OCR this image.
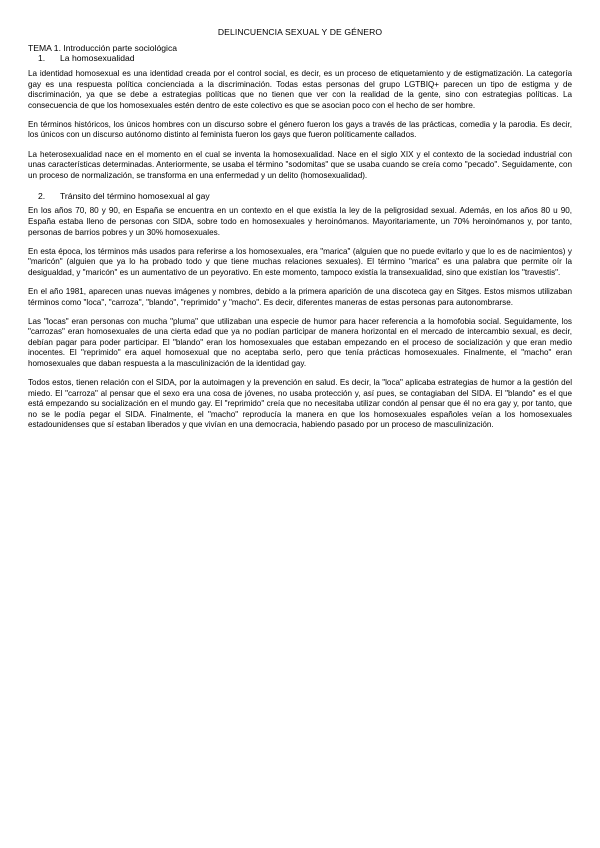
DELINCUENCIA SEXUAL Y DE GÉNERO
TEMA 1. Introducción parte sociológica
1.	La homosexualidad

La identidad homosexual es una identidad creada por el control social, es decir, es un proceso de etiquetamiento y de estigmatización. La categoría gay es una respuesta política concienciada a la discriminación. Todas estas personas del grupo LGTBIQ+ parecen un tipo de estigma y de discriminación, ya que se debe a estrategias políticas que no tienen que ver con la realidad de la gente, sino con estrategias políticas. La consecuencia de que los homosexuales estén dentro de este colectivo es que se asocian poco con el hecho de ser hombre.

En términos históricos, los únicos hombres con un discurso sobre el género fueron los gays a través de las prácticas, comedia y la parodia. Es decir, los únicos con un discurso autónomo distinto al feminista fueron los gays que fueron políticamente callados.

La heterosexualidad nace en el momento en el cual se inventa la homosexualidad. Nace en el siglo XIX y el contexto de la sociedad industrial con unas características determinadas. Anteriormente, se usaba el término "sodomitas" que se usaba cuando se creía como "pecado". Seguidamente, con un proceso de normalización, se transforma en una enfermedad y un delito (homosexualidad).

2.	Tránsito del término homosexual al gay

En los años 70, 80 y 90, en España se encuentra en un contexto en el que existía la ley de la peligrosidad sexual. Además, en los años 80 u 90, España estaba lleno de personas con SIDA, sobre todo en homosexuales y heroinómanos. Mayoritariamente, un 70% heroinómanos y, por tanto, personas de barrios pobres y un 30% homosexuales.

En esta época, los términos más usados para referirse a los homosexuales, era "marica" (alguien que no puede evitarlo y que lo es de nacimientos) y "maricón" (alguien que ya lo ha probado todo y que tiene muchas relaciones sexuales). El término "marica" es una palabra que permite oír la desigualdad, y "maricón" es un aumentativo de un peyorativo. En este momento, tampoco existía la transexualidad, sino que existían los "travestis".

En el año 1981, aparecen unas nuevas imágenes y nombres, debido a la primera aparición de una discoteca gay en Sitges. Estos mismos utilizaban términos como "loca", "carroza", "blando", "reprimido" y "macho". Es decir, diferentes maneras de estas personas para autonombrarse.

Las "locas" eran personas con mucha "pluma" que utilizaban una especie de humor para hacer referencia a la homofobia social. Seguidamente, los "carrozas" eran homosexuales de una cierta edad que ya no podían participar de manera horizontal en el mercado de intercambio sexual, es decir, debían pagar para poder participar. El "blando" eran los homosexuales que estaban empezando en el proceso de socialización y que eran medio inocentes. El "reprimido" era aquel homosexual que no aceptaba serlo, pero que tenía prácticas homosexuales. Finalmente, el "macho" eran homosexuales que daban respuesta a la masculinización de la identidad gay.

Todos estos, tienen relación con el SIDA, por la autoimagen y la prevención en salud. Es decir, la "loca" aplicaba estrategias de humor a la gestión del miedo. El "carroza" al pensar que el sexo era una cosa de jóvenes, no usaba protección y, así pues, se contagiaban del SIDA. El "blando" es el que está empezando su socialización en el mundo gay. El "reprimido" creía que no necesitaba utilizar condón al pensar que él no era gay y, por tanto, que no se le podía pegar el SIDA. Finalmente, el "macho" reproducía la manera en que los homosexuales españoles veían a los homosexuales estadounidenses que sí estaban liberados y que vivían en una democracia, habiendo pasado por un proceso de masculinización.
